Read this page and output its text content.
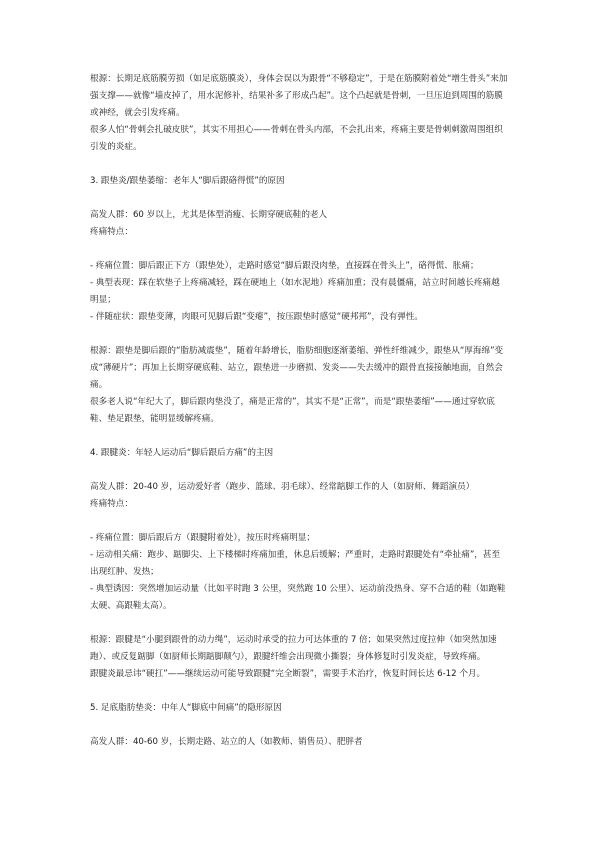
根源：长期足底筋膜劳损（如足底筋膜炎），身体会误以为跟骨“不够稳定”，于是在筋膜附着处“增生骨头”来加强支撑——就像“墙皮掉了，用水泥修补，结果补多了形成凸起”。这个凸起就是骨刺，一旦压迫到周围的筋膜或神经，就会引发疼痛。

很多人怕“骨刺会扎破皮肤”，其实不用担心——骨刺在骨头内部，不会扎出来，疼痛主要是骨刺刺激周围组织引发的炎症。

3. 跟垫炎/跟垫萎缩：老年人“脚后跟硌得慌”的原因

高发人群：60 岁以上，尤其是体型消瘦、长期穿硬底鞋的老人

疼痛特点：

- 疼痛位置：脚后跟正下方（跟垫处），走路时感觉“脚后跟没肉垫，直接踩在骨头上”，硌得慌、胀痛；

- 典型表现：踩在软垫子上疼痛减轻，踩在硬地上（如水泥地）疼痛加重；没有晨僵痛，站立时间越长疼痛越明显；

- 伴随症状：跟垫变薄，肉眼可见脚后跟“变瘪”，按压跟垫时感觉“硬邦邦”，没有弹性。

根源：跟垫是脚后跟的“脂肪减震垫”，随着年龄增长，脂肪细胞逐渐萎缩、弹性纤维减少，跟垫从“厚海绵”变成“薄硬片”；再加上长期穿硬底鞋、站立，跟垫进一步磨损、发炎——失去缓冲的跟骨直接接触地面，自然会痛。

很多老人说“年纪大了，脚后跟肉垫没了，痛是正常的”，其实不是“正常”，而是“跟垫萎缩”——通过穿软底鞋、垫足跟垫，能明显缓解疼痛。

4. 跟腱炎：年轻人运动后“脚后跟后方痛”的主因

高发人群：20-40 岁，运动爱好者（跑步、篮球、羽毛球）、经常踮脚工作的人（如厨师、舞蹈演员）

疼痛特点：

- 疼痛位置：脚后跟后方（跟腱附着处），按压时疼痛明显；

- 运动相关痛：跑步、踮脚尖、上下楼梯时疼痛加重，休息后缓解；严重时，走路时跟腱处有“牵扯痛”，甚至出现红肿、发热；

- 典型诱因：突然增加运动量（比如平时跑 3 公里，突然跑 10 公里）、运动前没热身、穿不合适的鞋（如跑鞋太硬、高跟鞋太高）。

根源：跟腱是“小腿到跟骨的动力绳”，运动时承受的拉力可达体重的 7 倍；如果突然过度拉伸（如突然加速跑）、或反复踮脚（如厨师长期踮脚颠勺），跟腱纤维会出现微小撕裂；身体修复时引发炎症，导致疼痛。

跟腱炎最忌讳“硬扛”——继续运动可能导致跟腱“完全断裂”，需要手术治疗，恢复时间长达 6-12 个月。

5. 足底脂肪垫炎：中年人“脚底中间痛”的隐形原因

高发人群：40-60 岁，长期走路、站立的人（如教师、销售员）、肥胖者
